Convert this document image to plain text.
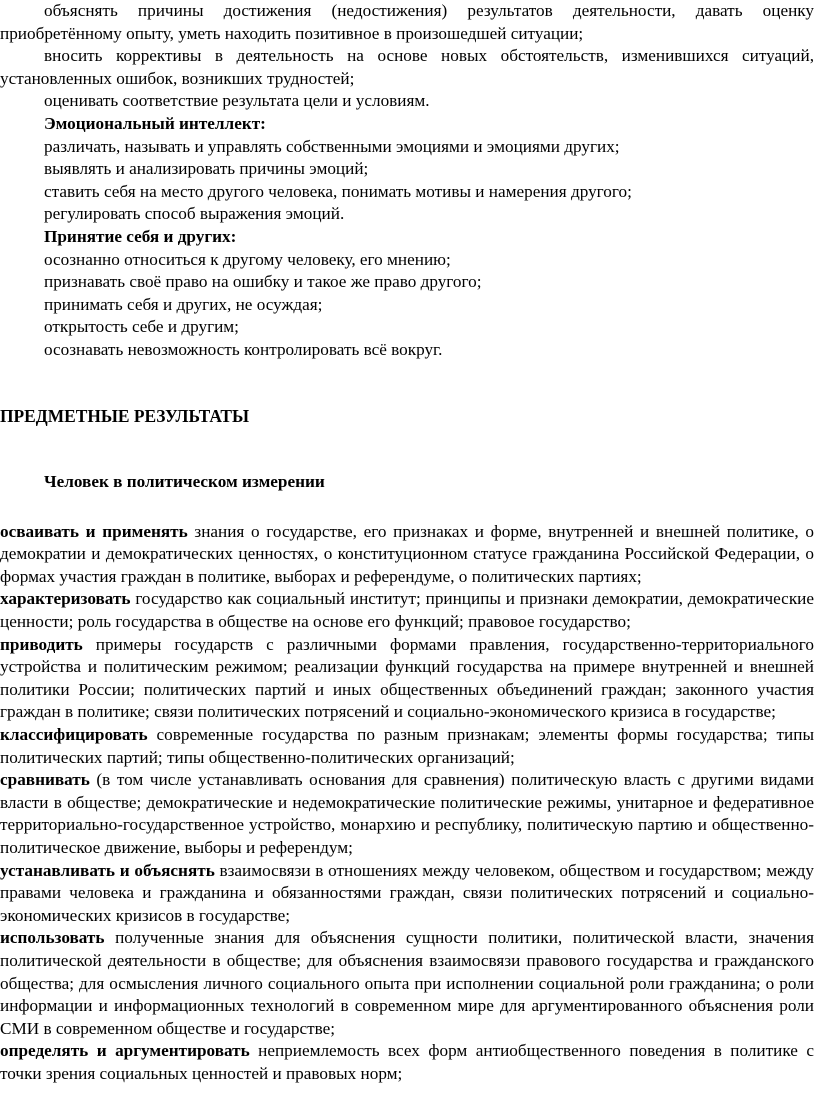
объяснять причины достижения (недостижения) результатов деятельности, давать оценку приобретённому опыту, уметь находить позитивное в произошедшей ситуации;

вносить коррективы в деятельность на основе новых обстоятельств, изменившихся ситуаций, установленных ошибок, возникших трудностей;

оценивать соответствие результата цели и условиям.

Эмоциональный интеллект:

различать, называть и управлять собственными эмоциями и эмоциями других;

выявлять и анализировать причины эмоций;

ставить себя на место другого человека, понимать мотивы и намерения другого;

регулировать способ выражения эмоций.

Принятие себя и других:

осознанно относиться к другому человеку, его мнению;

признавать своё право на ошибку и такое же право другого;

принимать себя и других, не осуждая;

открытость себе и другим;

осознавать невозможность контролировать всё вокруг.

ПРЕДМЕТНЫЕ РЕЗУЛЬТАТЫ

Человек в политическом измерении

осваивать и применять знания о государстве, его признаках и форме, внутренней и внешней политике, о демократии и демократических ценностях, о конституционном статусе гражданина Российской Федерации, о формах участия граждан в политике, выборах и референдуме, о политических партиях;

характеризовать государство как социальный институт; принципы и признаки демократии, демократические ценности; роль государства в обществе на основе его функций; правовое государство;

приводить примеры государств с различными формами правления, государственно-территориального устройства и политическим режимом; реализации функций государства на примере внутренней и внешней политики России; политических партий и иных общественных объединений граждан; законного участия граждан в политике; связи политических потрясений и социально-экономического кризиса в государстве;

классифицировать современные государства по разным признакам; элементы формы государства; типы политических партий; типы общественно-политических организаций;

сравнивать (в том числе устанавливать основания для сравнения) политическую власть с другими видами власти в обществе; демократические и недемократические политические режимы, унитарное и федеративное территориально-государственное устройство, монархию и республику, политическую партию и общественно-политическое движение, выборы и референдум;

устанавливать и объяснять взаимосвязи в отношениях между человеком, обществом и государством; между правами человека и гражданина и обязанностями граждан, связи политических потрясений и социально-экономических кризисов в государстве;

использовать полученные знания для объяснения сущности политики, политической власти, значения политической деятельности в обществе; для объяснения взаимосвязи правового государства и гражданского общества; для осмысления личного социального опыта при исполнении социальной роли гражданина; о роли информации и информационных технологий в современном мире для аргументированного объяснения роли СМИ в современном обществе и государстве;

определять и аргументировать неприемлемость всех форм антиобщественного поведения в политике с точки зрения социальных ценностей и правовых норм;
